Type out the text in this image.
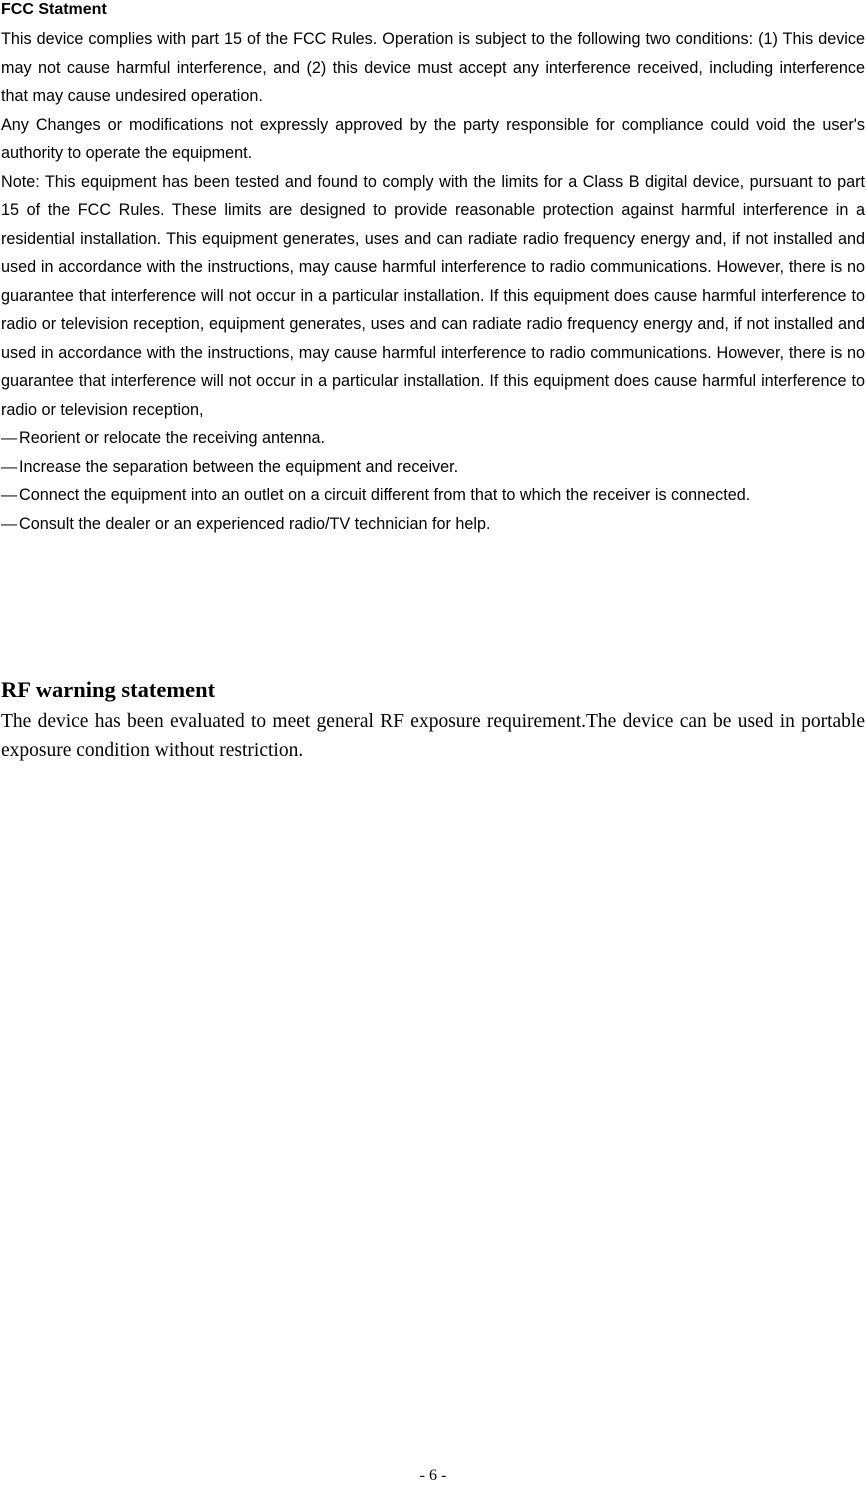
FCC Statment

This device complies with part 15 of the FCC Rules. Operation is subject to the following two conditions: (1) This device may not cause harmful interference, and (2) this device must accept any interference received, including interference that may cause undesired operation.

Any Changes or modifications not expressly approved by the party responsible for compliance could void the user's authority to operate the equipment.

Note: This equipment has been tested and found to comply with the limits for a Class B digital device, pursuant to part 15 of the FCC Rules. These limits are designed to provide reasonable protection against harmful interference in a residential installation. This equipment generates, uses and can radiate radio frequency energy and, if not installed and used in accordance with the instructions, may cause harmful interference to radio communications. However, there is no guarantee that interference will not occur in a particular installation. If this equipment does cause harmful interference to radio or television reception, equipment generates, uses and can radiate radio frequency energy and, if not installed and used in accordance with the instructions, may cause harmful interference to radio communications. However, there is no guarantee that interference will not occur in a particular installation. If this equipment does cause harmful interference to radio or television reception,

— Reorient or relocate the receiving antenna.
— Increase the separation between the equipment and receiver.
— Connect the equipment into an outlet on a circuit different from that to which the receiver is connected.
— Consult the dealer or an experienced radio/TV technician for help.
RF warning statement

The device has been evaluated to meet general RF exposure requirement.The device can be used in portable exposure condition without restriction.

- 6 -
